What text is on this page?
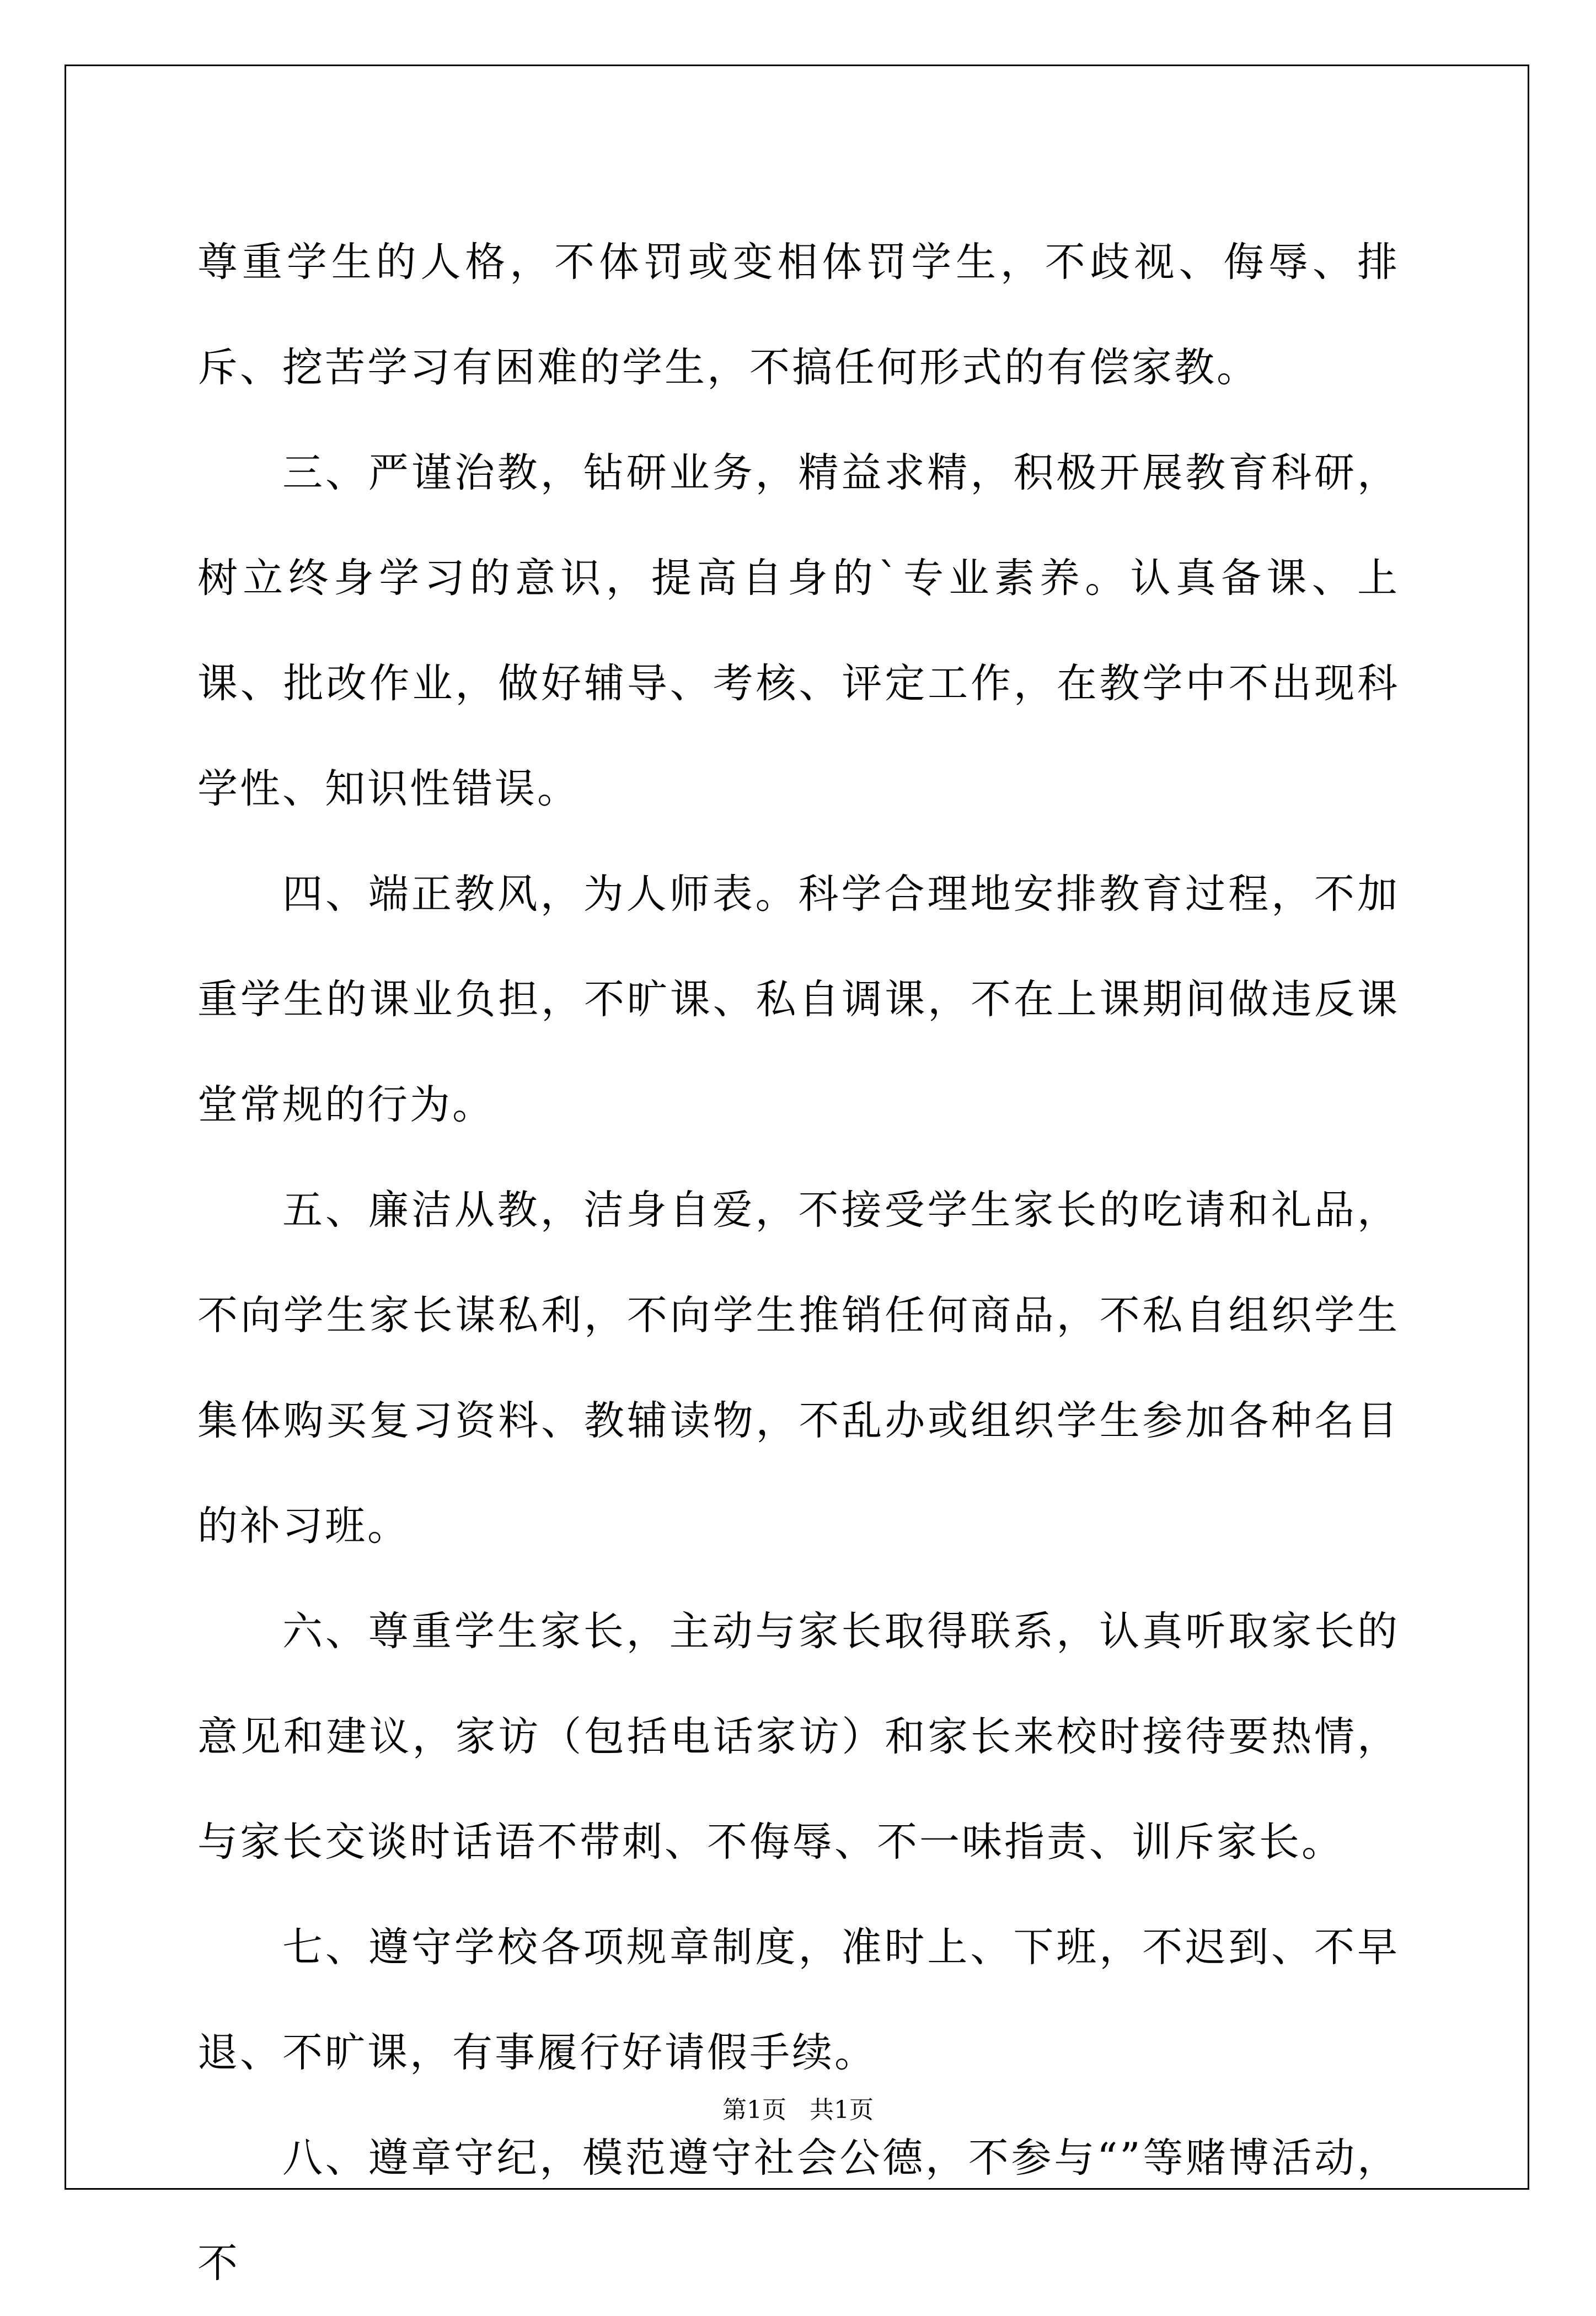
尊重学生的人格，不体罚或变相体罚学生，不歧视、侮辱、排斥、挖苦学习有困难的学生，不搞任何形式的有偿家教。

三、严谨治教，钻研业务，精益求精，积极开展教育科研，树立终身学习的意识，提高自身的`专业素养。认真备课、上课、批改作业，做好辅导、考核、评定工作，在教学中不出现科学性、知识性错误。

四、端正教风，为人师表。科学合理地安排教育过程，不加重学生的课业负担，不旷课、私自调课，不在上课期间做违反课堂常规的行为。

五、廉洁从教，洁身自爱，不接受学生家长的吃请和礼品，不向学生家长谋私利，不向学生推销任何商品，不私自组织学生集体购买复习资料、教辅读物，不乱办或组织学生参加各种名目的补习班。

六、尊重学生家长，主动与家长取得联系，认真听取家长的意见和建议，家访（包括电话家访）和家长来校时接待要热情，与家长交谈时话语不带刺、不侮辱、不一味指责、训斥家长。

七、遵守学校各项规章制度，准时上、下班，不迟到、不早退、不旷课，有事履行好请假手续。

八、遵章守纪，模范遵守社会公德，不参与“”等赌博活动，不

第1页 共1页
